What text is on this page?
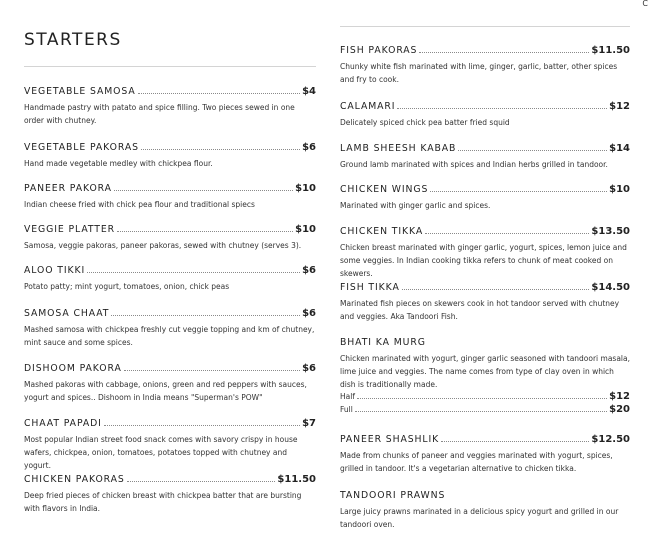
C
STARTERS
VEGETABLE SAMOSA	$4
Handmade pastry with patato and spice filling. Two pieces sewed in one order with chutney.
VEGETABLE PAKORAS	$6
Hand made vegetable medley with chickpea flour.
PANEER PAKORA	$10
Indian cheese fried with chick pea flour and traditional spiecs
VEGGIE PLATTER	$10
Samosa, veggie pakoras, paneer pakoras, sewed with chutney (serves 3).
ALOO TIKKI	$6
Potato patty; mint yogurt, tomatoes, onion, chick peas
SAMOSA CHAAT	$6
Mashed samosa with chickpea freshly cut veggie topping and km of chutney, mint sauce and some spices.
DISHOOM PAKORA	$6
Mashed pakoras with cabbage, onions, green and red peppers with sauces, yogurt and spices.. Dishoom in India means "Superman's POW"
CHAAT PAPADI	$7
Most popular Indian street food snack comes with savory crispy in house wafers, chickpea, onion, tomatoes, potatoes topped with chutney and yogurt.
CHICKEN PAKORAS	$11.50
Deep fried pieces of chicken breast with chickpea batter that are bursting with flavors in India.
FISH PAKORAS	$11.50
Chunky white fish marinated with lime, ginger, garlic, batter, other spices and fry to cook.
CALAMARI	$12
Delicately spiced chick pea batter fried squid
LAMB SHEESH KABAB	$14
Ground lamb marinated with spices and Indian herbs grilled in tandoor.
CHICKEN WINGS	$10
Marinated with ginger garlic and spices.
CHICKEN TIKKA	$13.50
Chicken breast marinated with ginger garlic, yogurt, spices, lemon juice and some veggies. In Indian cooking tikka refers to chunk of meat cooked on skewers.
FISH TIKKA	$14.50
Marinated fish pieces on skewers cook in hot tandoor served with chutney and veggies. Aka Tandoori Fish.
BHATI KA MURG
Chicken marinated with yogurt, ginger garlic seasoned with tandoori masala, lime juice and veggies. The name comes from type of clay oven in which dish is traditionally made.
Half	$12
Full	$20
PANEER SHASHLIK	$12.50
Made from chunks of paneer and veggies marinated with yogurt, spices, grilled in tandoor. It's a vegetarian alternative to chicken tikka.
TANDOORI PRAWNS
Large juicy prawns marinated in a delicious spicy yogurt and grilled in our tandoori oven.
